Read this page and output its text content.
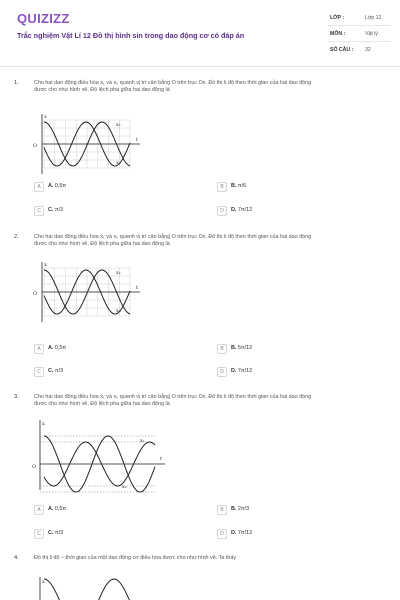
QUIZIZZ
Trắc nghiệm Vật Lí 12 Đồ thị hình sin trong dao động cơ có đáp án
LỚP :	Lớp 12
MÔN :	Vật lý
SỐ CÂU : 32
1.	Cho hai dao động điều hòa x₁ và x₂ quanh vị trí cân bằng O trên trục Ox. Đồ thị li độ theo thời gian của hai dao động
được cho như hình vẽ. Độ lệch pha giữa hai dao động là
x
t
O
x₁
x₂
A	A. 0,5π	B	B. π/6
C	C. π/3	D	D. 7π/12
2.	Cho hai dao động điều hòa x₁ và x₂ quanh vị trí cân bằng O trên trục Ox. Đồ thị li độ theo thời gian của hai dao động
được cho như hình vẽ. Độ lệch pha giữa hai dao động là
x
t
O
x₁
x₂
A	A. 0,5π	B	B. 5π/12
C	C. π/3	D	D. 7π/12
3.	Cho hai dao động điều hòa x₁ và x₂ quanh vị trí cân bằng O trên trục Ox. Đồ thị li độ theo thời gian của hai dao động
được cho như hình vẽ. Độ lệch pha giữa hai dao động là
x
t
O
x₁
x₂
A	A. 0,5π	B	B. 2π/3
C	C. π/3	D	D. 7π/12
4.	Đồ thị li độ – thời gian của một dao động cơ điều hòa được cho như hình vẽ. Ta thấy
x
